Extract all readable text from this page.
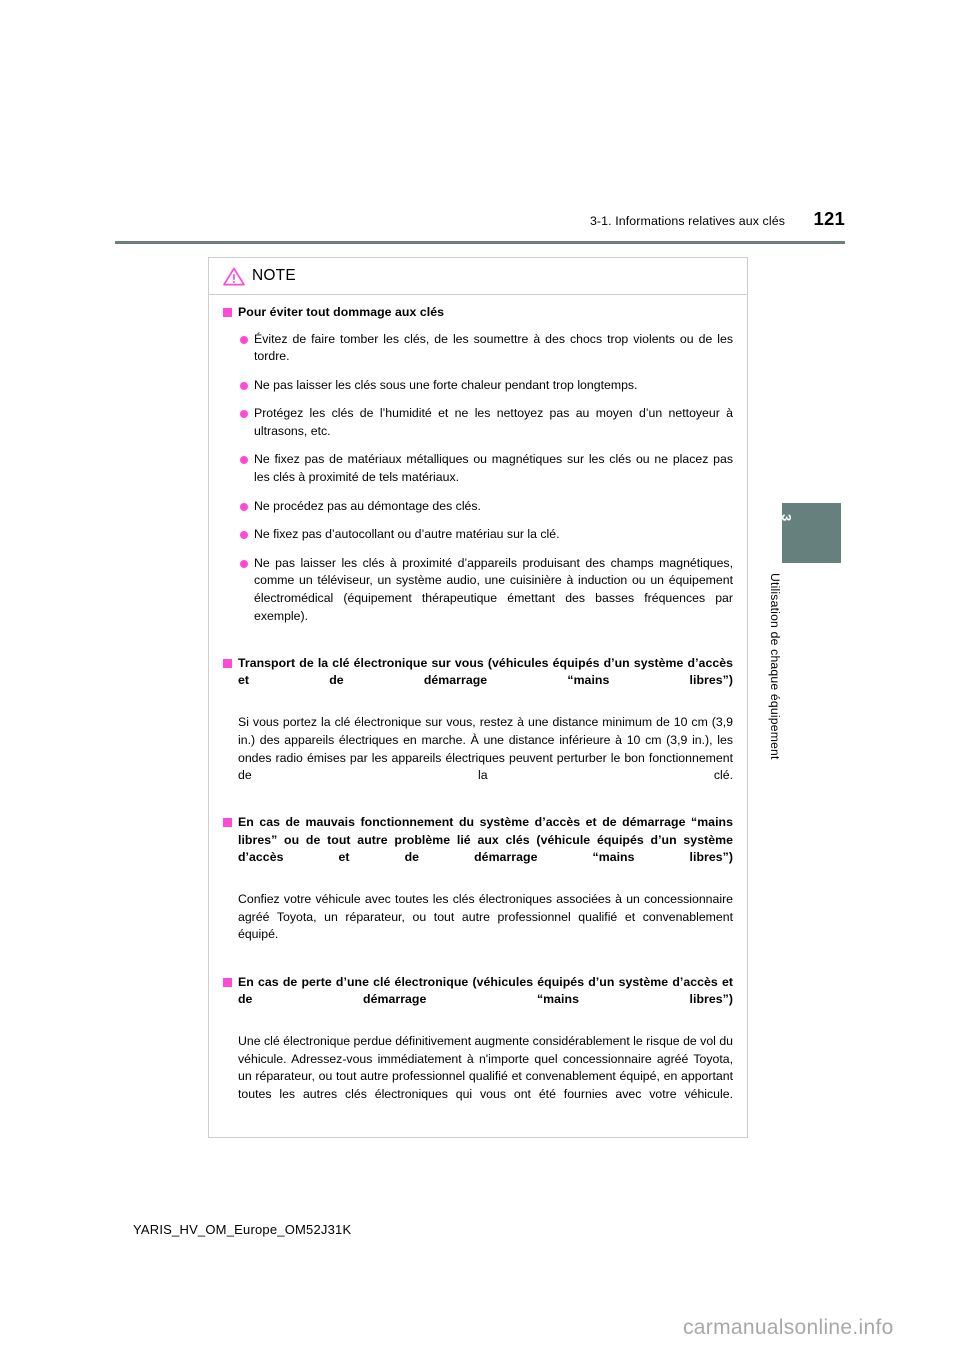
3-1. Informations relatives aux clés 121
3
Utilisation de chaque équipement
NOTE
Pour éviter tout dommage aux clés
Évitez de faire tomber les clés, de les soumettre à des chocs trop violents ou de les tordre.
Ne pas laisser les clés sous une forte chaleur pendant trop longtemps.
Protégez les clés de l’humidité et ne les nettoyez pas au moyen d’un nettoyeur à ultrasons, etc.
Ne fixez pas de matériaux métalliques ou magnétiques sur les clés ou ne placez pas les clés à proximité de tels matériaux.
Ne procédez pas au démontage des clés.
Ne fixez pas d’autocollant ou d’autre matériau sur la clé.
Ne pas laisser les clés à proximité d’appareils produisant des champs magnétiques, comme un téléviseur, un système audio, une cuisinière à induction ou un équipement électromédical (équipement thérapeutique émettant des basses fréquences par exemple).
Transport de la clé électronique sur vous (véhicules équipés d’un système d’accès et de démarrage “mains libres”)
Si vous portez la clé électronique sur vous, restez à une distance minimum de 10 cm (3,9 in.) des appareils électriques en marche. À une distance inférieure à 10 cm (3,9 in.), les ondes radio émises par les appareils électriques peuvent perturber le bon fonctionnement de la clé.
En cas de mauvais fonctionnement du système d’accès et de démarrage “mains libres” ou de tout autre problème lié aux clés (véhicule équipés d’un système d’accès et de démarrage “mains libres”)
Confiez votre véhicule avec toutes les clés électroniques associées à un concessionnaire agréé Toyota, un réparateur, ou tout autre professionnel qualifié et convenablement équipé.
En cas de perte d’une clé électronique (véhicules équipés d’un système d’accès et de démarrage “mains libres”)
Une clé électronique perdue définitivement augmente considérablement le risque de vol du véhicule. Adressez-vous immédiatement à n'importe quel concessionnaire agréé Toyota, un réparateur, ou tout autre professionnel qualifié et convenablement équipé, en apportant toutes les autres clés électroniques qui vous ont été fournies avec votre véhicule.
YARIS_HV_OM_Europe_OM52J31K
carmanualsonline.info
